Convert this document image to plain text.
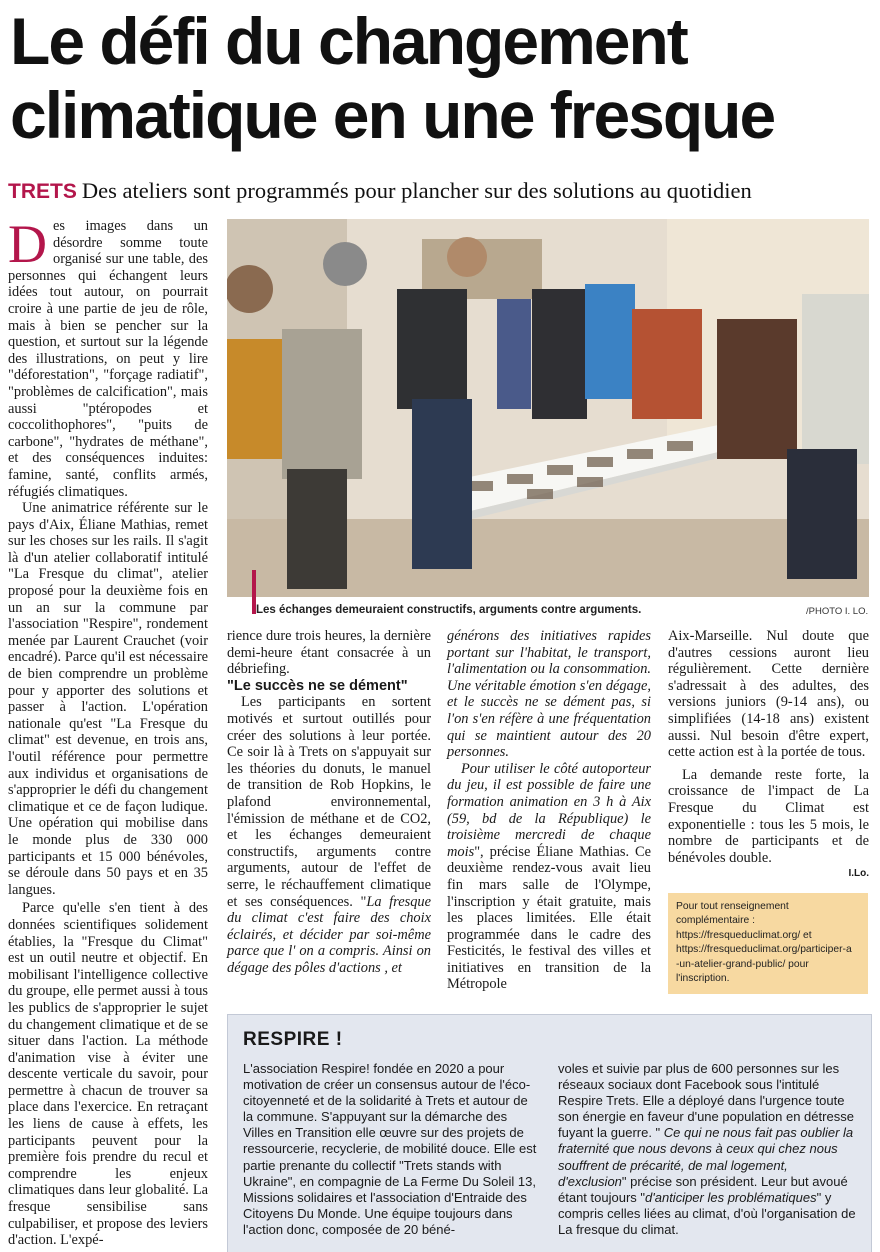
Le défi du changement
climatique en une fresque
TRETS Des ateliers sont programmés pour plancher sur des solutions au quotidien

Des images dans un désordre somme toute organisé sur une table, des personnes qui échangent leurs idées tout autour, on pourrait croire à une partie de jeu de rôle, mais à bien se pencher sur la question, et surtout sur la légende des illustrations, on peut y lire "déforestation", "forçage radiatif", "problèmes de calcification", mais aussi "ptéropodes et coccolithophores", "puits de carbone", "hydrates de méthane", et des conséquences induites: famine, santé, conflits armés, réfugiés climatiques.

Une animatrice référente sur le pays d'Aix, Éliane Mathias, remet sur les choses sur les rails. Il s'agit là d'un atelier collaboratif intitulé "La Fresque du climat", atelier proposé pour la deuxième fois en un an sur la commune par l'association "Respire", rondement menée par Laurent Crauchet (voir encadré). Parce qu'il est nécessaire de bien comprendre un problème pour y apporter des solutions et passer à l'action. L'opération nationale qu'est "La Fresque du climat" est devenue, en trois ans, l'outil référence pour permettre aux individus et organisations de s'approprier le défi du changement climatique et ce de façon ludique. Une opération qui mobilise dans le monde plus de 330 000 participants et 15 000 bénévoles, se déroule dans 50 pays et en 35 langues.

Parce qu'elle s'en tient à des données scientifiques solidement établies, la "Fresque du Climat" est un outil neutre et objectif. En mobilisant l'intelligence collective du groupe, elle permet aussi à tous les publics de s'approprier le sujet du changement climatique et de se situer dans l'action. La méthode d'animation vise à éviter une descente verticale du savoir, pour permettre à chacun de trouver sa place dans l'exercice. En retraçant les liens de cause à effets, les participants peuvent pour la première fois prendre du recul et comprendre les enjeux climatiques dans leur globalité. La fresque sensibilise sans culpabiliser, et propose des leviers d'action. L'expé-

Les échanges demeuraient constructifs, arguments contre arguments.	/PHOTO I. LO.

rience dure trois heures, la dernière demi-heure étant consacrée à un débriefing.

"Le succès ne se dément"

Les participants en sortent motivés et surtout outillés pour créer des solutions à leur portée. Ce soir là à Trets on s'appuyait sur les théories du donuts, le manuel de transition de Rob Hopkins, le plafond environnemental, l'émission de méthane et de CO2, et les échanges demeuraient constructifs, arguments contre arguments, autour de l'effet de serre, le réchauffement climatique et ses conséquences. "La fresque du climat c'est faire des choix éclairés, et décider par soi-même parce que l' on a compris. Ainsi on dégage des pôles d'actions , et

générons des initiatives rapides portant sur l'habitat, le transport, l'alimentation ou la consommation. Une véritable émotion s'en dégage, et le succès ne se dément pas, si l'on s'en réfère à une fréquentation qui se maintient autour des 20 personnes.

Pour utiliser le côté autoporteur du jeu, il est possible de faire une formation animation en 3 h à Aix (59, bd de la République) le troisième mercredi de chaque mois", précise Éliane Mathias. Ce deuxième rendez-vous avait lieu fin mars salle de l'Olympe, l'inscription y était gratuite, mais les places limitées. Elle était programmée dans le cadre des Festicités, le festival des villes et initiatives en transition de la Métropole

Aix-Marseille. Nul doute que d'autres cessions auront lieu régulièrement. Cette dernière s'adressait à des adultes, des versions juniors (9-14 ans), ou simplifiées (14-18 ans) existent aussi. Nul besoin d'être expert, cette action est à la portée de tous.

La demande reste forte, la croissance de l'impact de La Fresque du Climat est exponentielle : tous les 5 mois, le nombre de participants et de bénévoles double.

I.Lo.

Pour tout renseignement
complémentaire :
https://fresqueduclimat.org/ et
https://fresqueduclimat.org/participer-a
-un-atelier-grand-public/ pour
l'inscription.
RESPIRE !
L'association Respire! fondée en 2020 a pour motivation de créer un consensus autour de l'éco-citoyenneté et de la solidarité à Trets et autour de la commune. S'appuyant sur la démarche des Villes en Transition elle œuvre sur des projets de ressourcerie, recyclerie, de mobilité douce. Elle est partie prenante du collectif "Trets stands with Ukraine", en compagnie de La Ferme Du Soleil 13, Missions solidaires et l'association d'Entraide des Citoyens Du Monde. Une équipe toujours dans l'action donc, composée de 20 béné-
voles et suivie par plus de 600 personnes sur les réseaux sociaux dont Facebook sous l'intitulé Respire Trets. Elle a déployé dans l'urgence toute son énergie en faveur d'une population en détresse fuyant la guerre. " Ce qui ne nous fait pas oublier la fraternité que nous devons à ceux qui chez nous souffrent de précarité, de mal logement, d'exclusion" précise son président. Leur but avoué étant toujours "d'anticiper les problématiques" y compris celles liées au climat, d'où l'organisation de La fresque du climat.
